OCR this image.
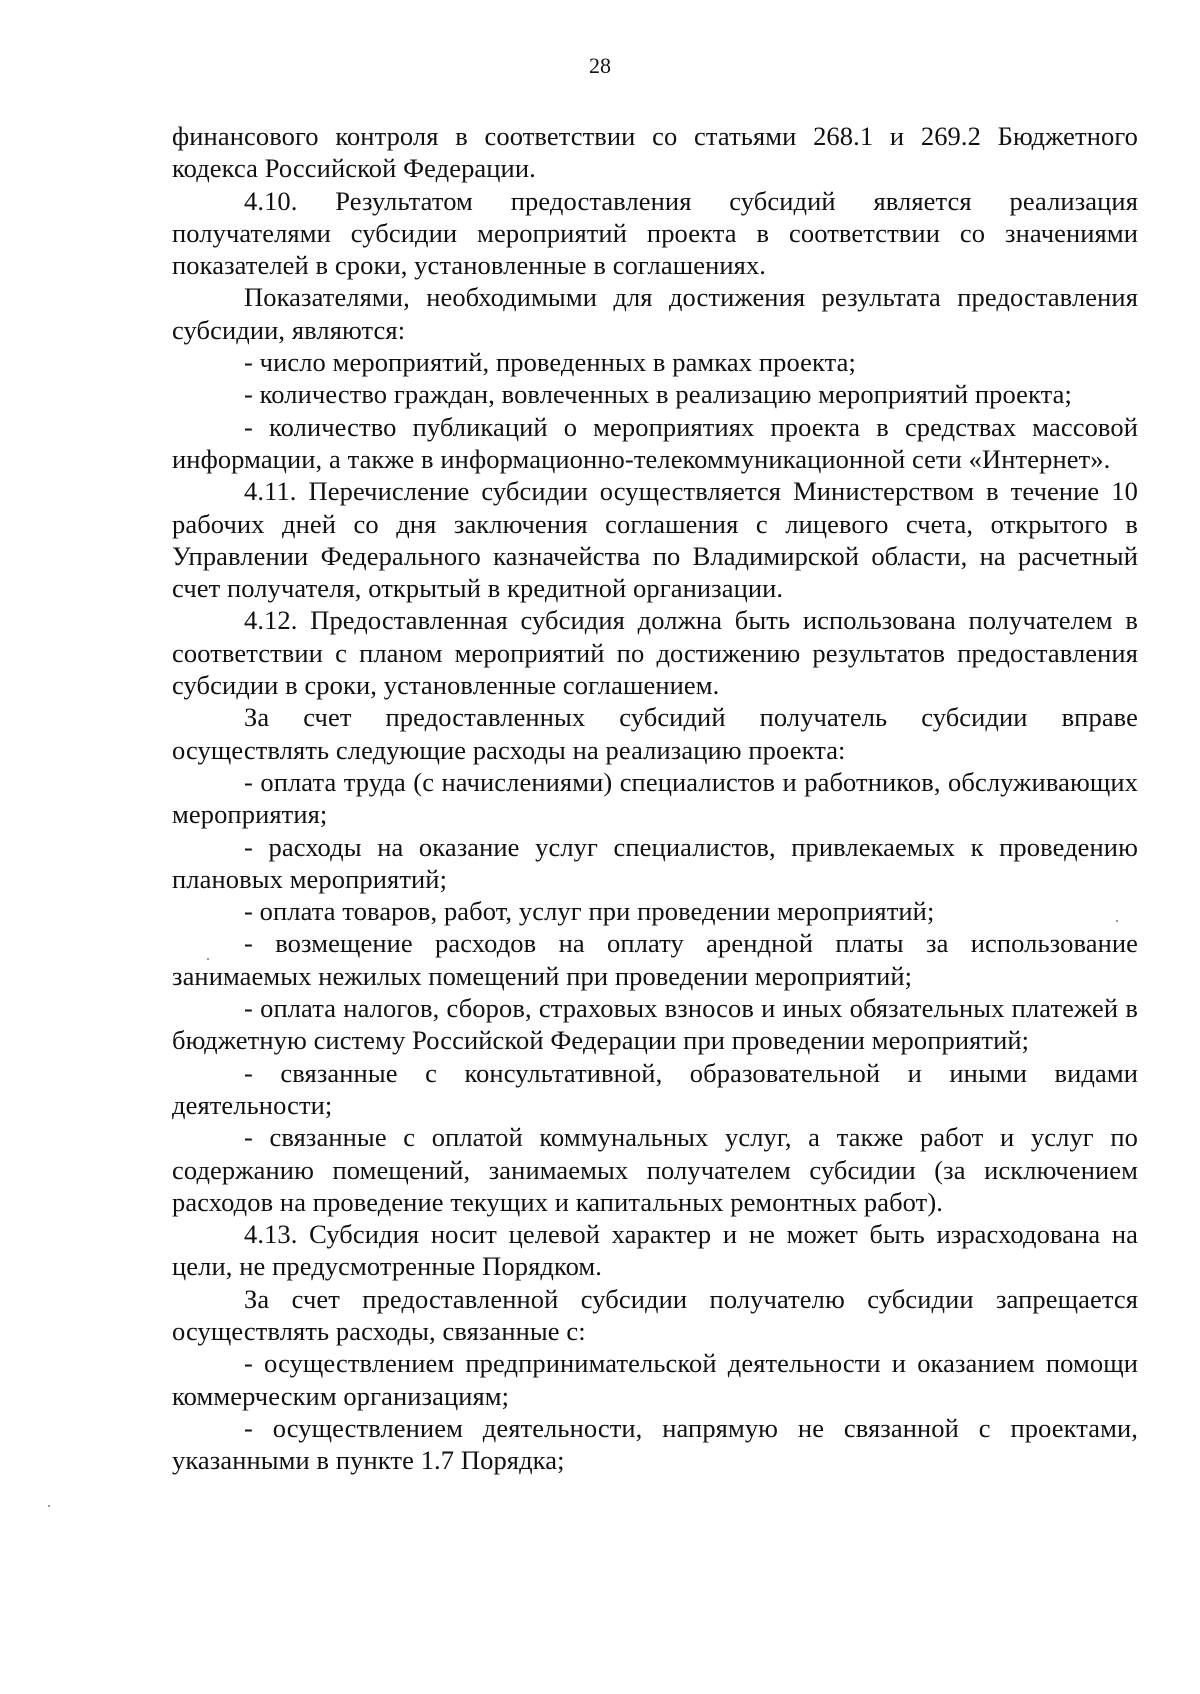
28

финансового контроля в соответствии со статьями 268.1 и 269.2 Бюджетного кодекса Российской Федерации.

4.10. Результатом предоставления субсидий является реализация получателями субсидии мероприятий проекта в соответствии со значениями показателей в сроки, установленные в соглашениях.

Показателями, необходимыми для достижения результата предоставления субсидии, являются:

- число мероприятий, проведенных в рамках проекта;

- количество граждан, вовлеченных в реализацию мероприятий проекта;

- количество публикаций о мероприятиях проекта в средствах массовой информации, а также в информационно-телекоммуникационной сети «Интернет».

4.11. Перечисление субсидии осуществляется Министерством в течение 10 рабочих дней со дня заключения соглашения с лицевого счета, открытого в Управлении Федерального казначейства по Владимирской области, на расчетный счет получателя, открытый в кредитной организации.

4.12. Предоставленная субсидия должна быть использована получателем в соответствии с планом мероприятий по достижению результатов предоставления субсидии в сроки, установленные соглашением.

За счет предоставленных субсидий получатель субсидии вправе осуществлять следующие расходы на реализацию проекта:

- оплата труда (с начислениями) специалистов и работников, обслуживающих мероприятия;

- расходы на оказание услуг специалистов, привлекаемых к проведению плановых мероприятий;

- оплата товаров, работ, услуг при проведении мероприятий;

- возмещение расходов на оплату арендной платы за использование занимаемых нежилых помещений при проведении мероприятий;

- оплата налогов, сборов, страховых взносов и иных обязательных платежей в бюджетную систему Российской Федерации при проведении мероприятий;

- связанные с консультативной, образовательной и иными видами деятельности;

- связанные с оплатой коммунальных услуг, а также работ и услуг по содержанию помещений, занимаемых получателем субсидии (за исключением расходов на проведение текущих и капитальных ремонтных работ).

4.13. Субсидия носит целевой характер и не может быть израсходована на цели, не предусмотренные Порядком.

За счет предоставленной субсидии получателю субсидии запрещается осуществлять расходы, связанные с:

- осуществлением предпринимательской деятельности и оказанием помощи коммерческим организациям;

- осуществлением деятельности, напрямую не связанной с проектами, указанными в пункте 1.7 Порядка;
